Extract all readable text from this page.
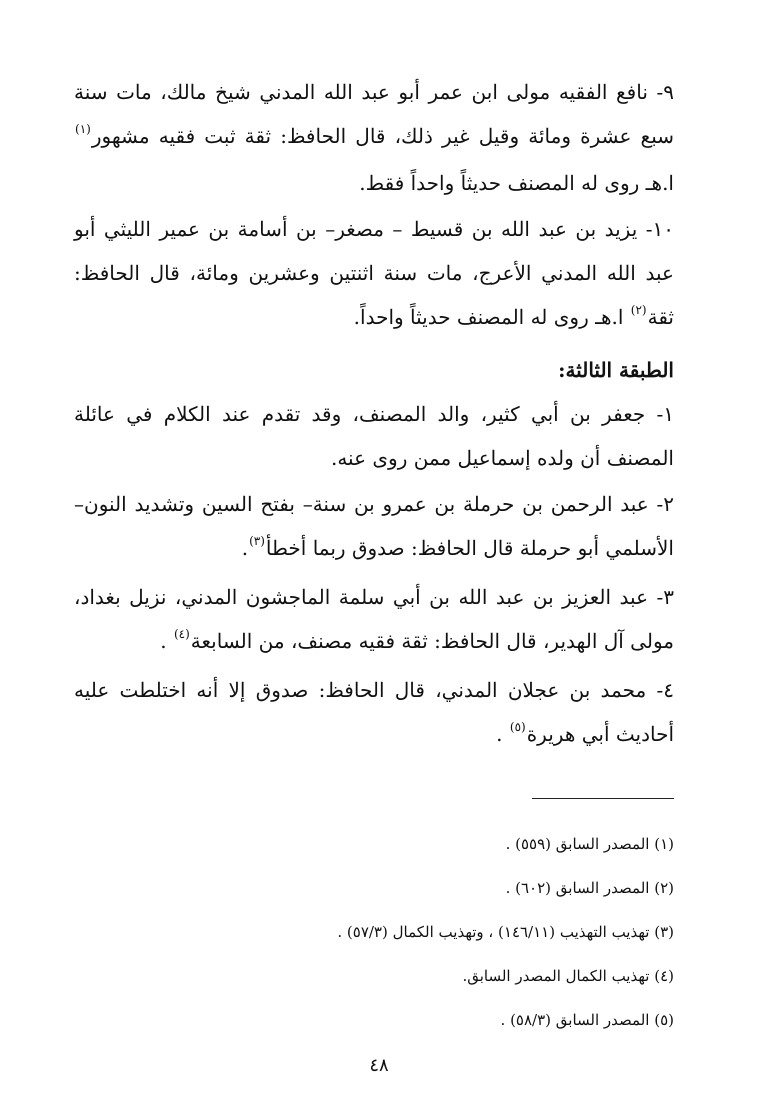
٩- نافع الفقيه مولى ابن عمر أبو عبد الله المدني شيخ مالك، مات سنة سبع عشرة ومائة وقيل غير ذلك، قال الحافظ: ثقة ثبت فقيه مشهور$^{(١)}$ ا.هـ روى له المصنف حديثاً واحداً فقط.

١٠- يزيد بن عبد الله بن قسيط – مصغر– بن أسامة بن عمير الليثي أبو عبد الله المدني الأعرج، مات سنة اثنتين وعشرين ومائة، قال الحافظ: ثقة$^{(٢)}$ ا.هـ روى له المصنف حديثاً واحداً.

الطبقة الثالثة:

١- جعفر بن أبي كثير، والد المصنف، وقد تقدم عند الكلام في عائلة المصنف أن ولده إسماعيل ممن روى عنه.

٢- عبد الرحمن بن حرملة بن عمرو بن سنة– بفتح السين وتشديد النون– الأسلمي أبو حرملة قال الحافظ: صدوق ربما أخطأ$^{(٣)}$.

٣- عبد العزيز بن عبد الله بن أبي سلمة الماجشون المدني، نزيل بغداد، مولى آل الهدير، قال الحافظ: ثقة فقيه مصنف، من السابعة$^{(٤)}$ .

٤- محمد بن عجلان المدني، قال الحافظ: صدوق إلا أنه اختلطت عليه أحاديث أبي هريرة$^{(٥)}$ .

(١) المصدر السابق (٥٥٩) .

(٢) المصدر السابق (٦٠٢) .

(٣) تهذيب التهذيب (١٤٦/١١) ، وتهذيب الكمال (٥٧/٣) .

(٤) تهذيب الكمال المصدر السابق.

(٥) المصدر السابق (٥٨/٣) .

٤٨
